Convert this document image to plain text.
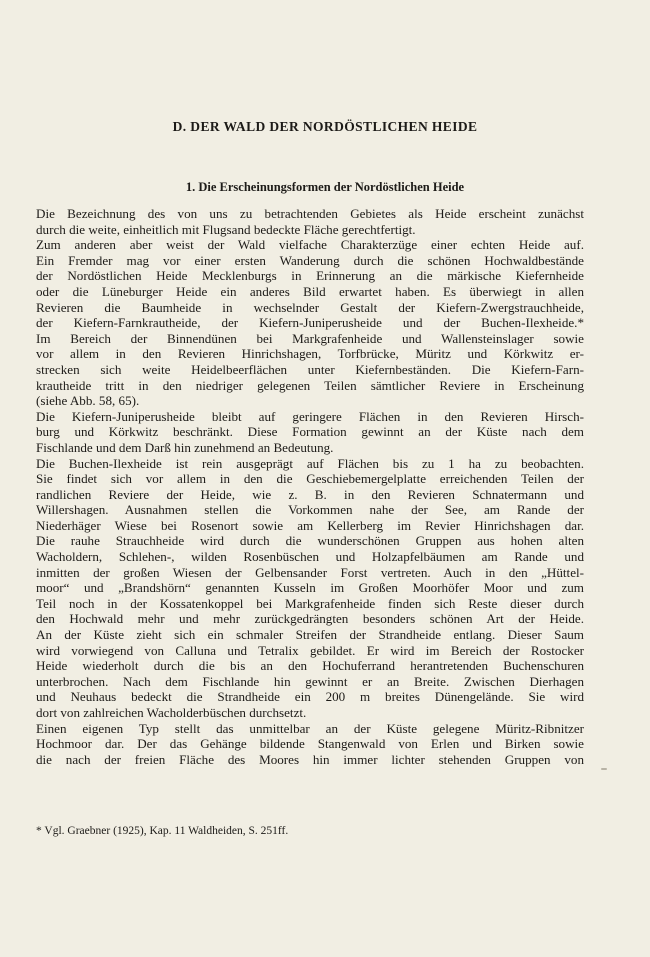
D. DER WALD DER NORDÖSTLICHEN HEIDE
1. Die Erscheinungsformen der Nordöstlichen Heide
Die Bezeichnung des von uns zu betrachtenden Gebietes als Heide erscheint zunächst
durch die weite, einheitlich mit Flugsand bedeckte Fläche gerechtfertigt.
Zum anderen aber weist der Wald vielfache Charakterzüge einer echten Heide auf.
Ein Fremder mag vor einer ersten Wanderung durch die schönen Hochwaldbestände
der Nordöstlichen Heide Mecklenburgs in Erinnerung an die märkische Kiefernheide
oder die Lüneburger Heide ein anderes Bild erwartet haben. Es überwiegt in allen
Revieren die Baumheide in wechselnder Gestalt der Kiefern-Zwergstrauchheide,
der Kiefern-Farnkrautheide, der Kiefern-Juniperusheide und der Buchen-Ilexheide.*
Im Bereich der Binnendünen bei Markgrafenheide und Wallensteinslager sowie
vor allem in den Revieren Hinrichshagen, Torfbrücke, Müritz und Körkwitz er-
strecken sich weite Heidelbeerflächen unter Kiefernbeständen. Die Kiefern-Farn-
krautheide tritt in den niedriger gelegenen Teilen sämtlicher Reviere in Erscheinung
(siehe Abb. 58, 65).
Die Kiefern-Juniperusheide bleibt auf geringere Flächen in den Revieren Hirsch-
burg und Körkwitz beschränkt. Diese Formation gewinnt an der Küste nach dem
Fischlande und dem Darß hin zunehmend an Bedeutung.
Die Buchen-Ilexheide ist rein ausgeprägt auf Flächen bis zu 1 ha zu beobachten.
Sie findet sich vor allem in den die Geschiebemergelplatte erreichenden Teilen der
randlichen Reviere der Heide, wie z. B. in den Revieren Schnatermann und
Willershagen. Ausnahmen stellen die Vorkommen nahe der See, am Rande der
Niederhäger Wiese bei Rosenort sowie am Kellerberg im Revier Hinrichshagen dar.
Die rauhe Strauchheide wird durch die wunderschönen Gruppen aus hohen alten
Wacholdern, Schlehen-, wilden Rosenbüschen und Holzapfelbäumen am Rande und
inmitten der großen Wiesen der Gelbensander Forst vertreten. Auch in den „Hüttel-
moor“ und „Brandshörn“ genannten Kusseln im Großen Moorhöfer Moor und zum
Teil noch in der Kossatenkoppel bei Markgrafenheide finden sich Reste dieser durch
den Hochwald mehr und mehr zurückgedrängten besonders schönen Art der Heide.
An der Küste zieht sich ein schmaler Streifen der Strandheide entlang. Dieser Saum
wird vorwiegend von Calluna und Tetralix gebildet. Er wird im Bereich der Rostocker
Heide wiederholt durch die bis an den Hochuferrand herantretenden Buchenschuren
unterbrochen. Nach dem Fischlande hin gewinnt er an Breite. Zwischen Dierhagen
und Neuhaus bedeckt die Strandheide ein 200 m breites Dünengelände. Sie wird
dort von zahlreichen Wacholderbüschen durchsetzt.
Einen eigenen Typ stellt das unmittelbar an der Küste gelegene Müritz-Ribnitzer
Hochmoor dar. Der das Gehänge bildende Stangenwald von Erlen und Birken sowie
die nach der freien Fläche des Moores hin immer lichter stehenden Gruppen von
* Vgl. Graebner (1925), Kap. 11 Waldheiden, S. 251ff.
